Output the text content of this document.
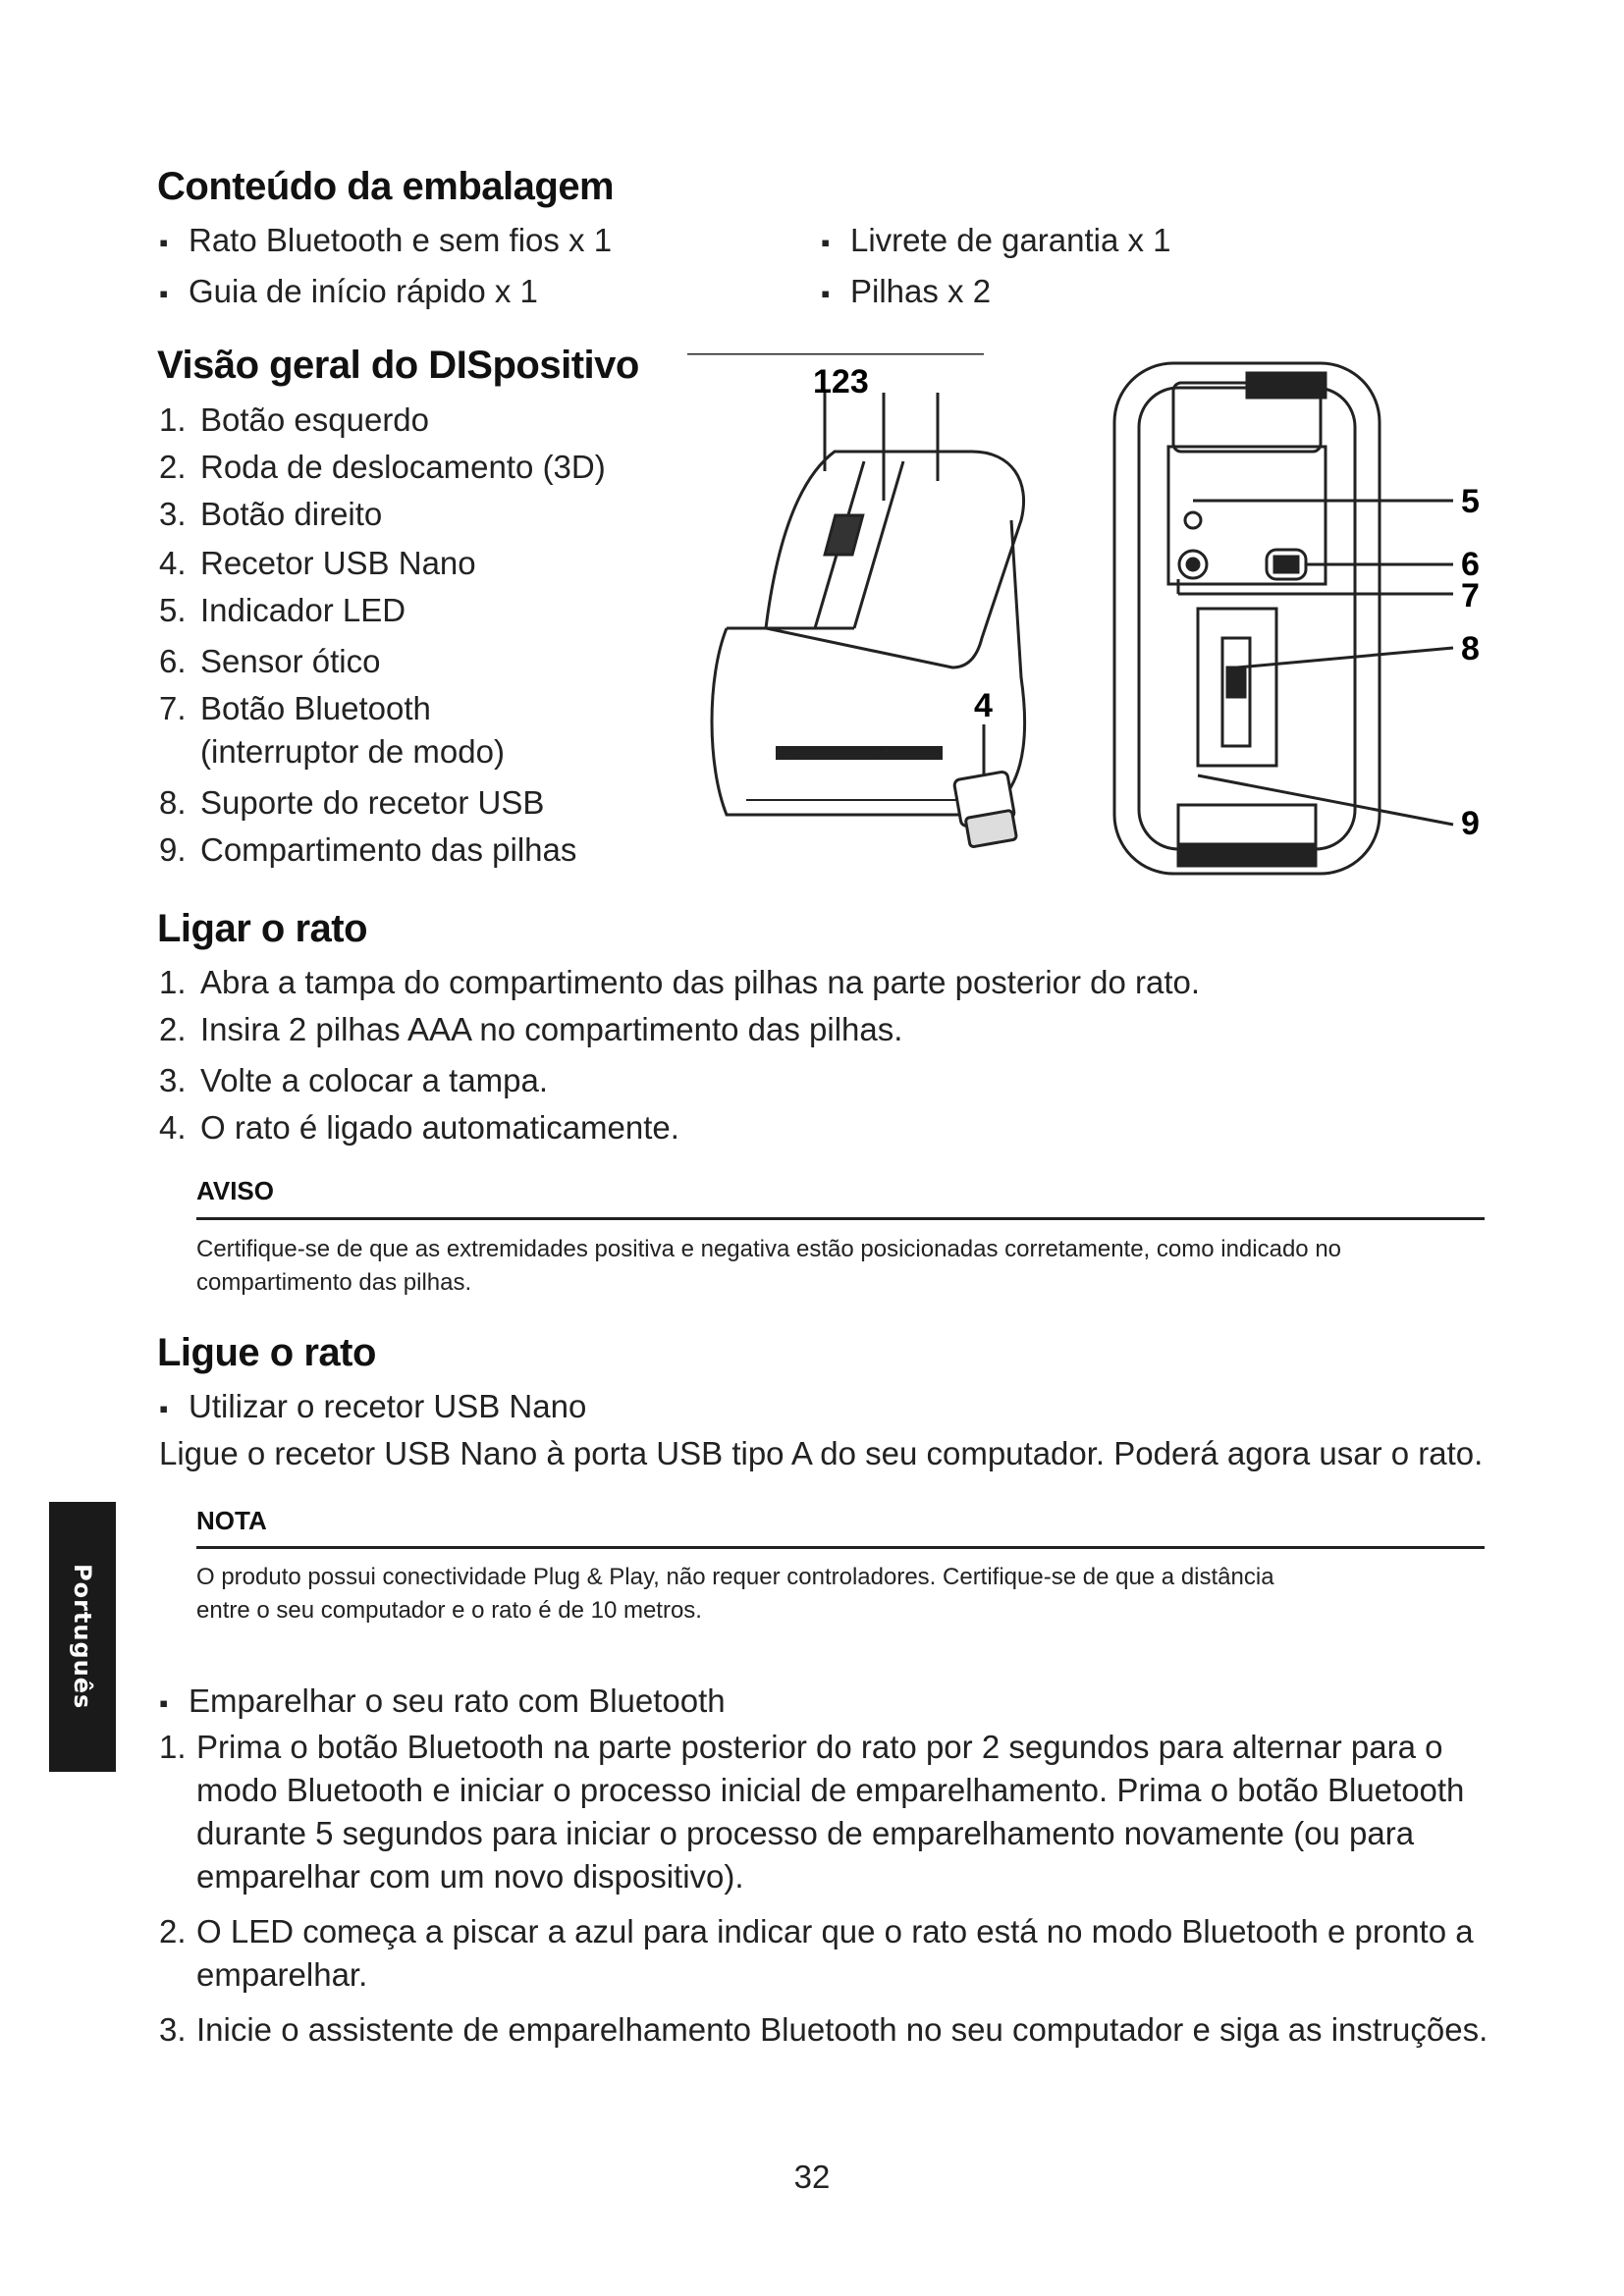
Conteúdo da embalagem
▪ Rato Bluetooth e sem fios x 1
▪ Guia de início rápido x 1
▪ Livrete de garantia x 1
▪ Pilhas x 2
Visão geral do DISpositivo
1. Botão esquerdo
2. Roda de deslocamento (3D)
3. Botão direito
4. Recetor USB Nano
5. Indicador LED
6. Sensor ótico
7. Botão Bluetooth
(interruptor de modo)
8. Suporte do recetor USB
9. Compartimento das pilhas
PORSCHE DESIGN
123
4
5
6
7
8
9
Ligar o rato
1. Abra a tampa do compartimento das pilhas na parte posterior do rato.
2. Insira 2 pilhas AAA no compartimento das pilhas.
3. Volte a colocar a tampa.
4. O rato é ligado automaticamente.
AVISO
Certifique-se de que as extremidades positiva e negativa estão posicionadas corretamente, como indicado no
compartimento das pilhas.
Ligue o rato
▪ Utilizar o recetor USB Nano
Ligue o recetor USB Nano à porta USB tipo A do seu computador. Poderá agora usar o rato.
NOTA
O produto possui conectividade Plug & Play, não requer controladores. Certifique-se de que a distância
entre o seu computador e o rato é de 10 metros.
Português
▪	Emparelhar o seu rato com Bluetooth
1. Prima o botão Bluetooth na parte posterior do rato por 2 segundos para alternar para o
modo Bluetooth e iniciar o processo inicial de emparelhamento. Prima o botão Bluetooth
durante 5 segundos para iniciar o processo de emparelhamento novamente (ou para
emparelhar com um novo dispositivo).
2. O LED começa a piscar a azul para indicar que o rato está no modo Bluetooth e pronto a
emparelhar.
3. Inicie o assistente de emparelhamento Bluetooth no seu computador e siga as instruções.
32
